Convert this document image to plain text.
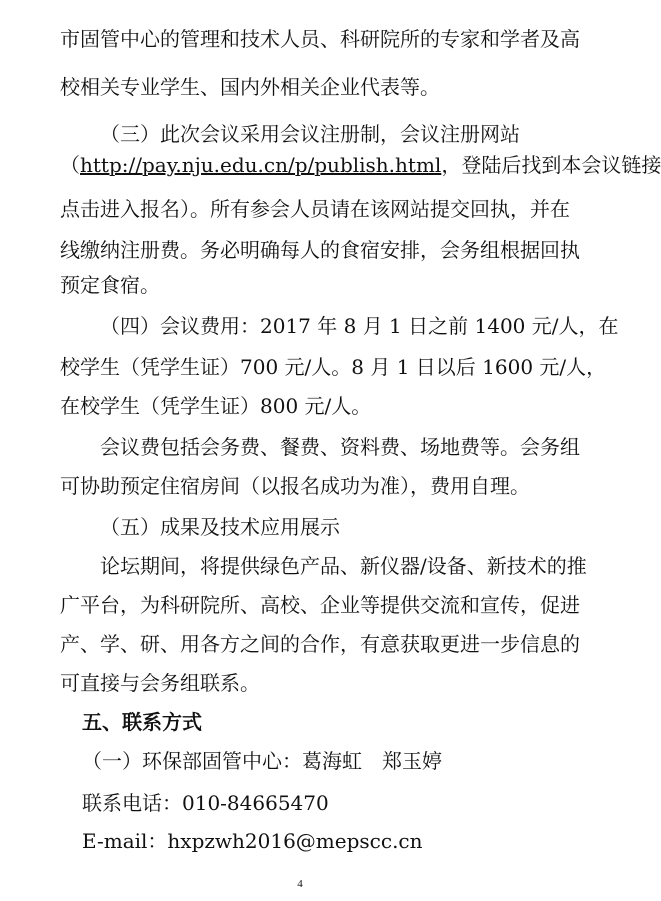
市固管中心的管理和技术人员、科研院所的专家和学者及高
校相关专业学生、国内外相关企业代表等。
（三）此次会议采用会议注册制，会议注册网站
（http://pay.nju.edu.cn/p/publish.html，登陆后找到本会议链接
点击进入报名）。所有参会人员请在该网站提交回执，并在
线缴纳注册费。务必明确每人的食宿安排，会务组根据回执
预定食宿。
（四）会议费用：2017 年 8 月 1 日之前 1400 元/人，在
校学生（凭学生证）700 元/人。8 月 1 日以后 1600 元/人，
在校学生（凭学生证）800 元/人。
会议费包括会务费、餐费、资料费、场地费等。会务组
可协助预定住宿房间（以报名成功为准），费用自理。
（五）成果及技术应用展示
论坛期间，将提供绿色产品、新仪器/设备、新技术的推
广平台，为科研院所、高校、企业等提供交流和宣传，促进
产、学、研、用各方之间的合作，有意获取更进一步信息的
可直接与会务组联系。
五、联系方式
（一）环保部固管中心：葛海虹　郑玉婷
联系电话：010-84665470
E-mail：hxpzwh2016@mepscc.cn
4
